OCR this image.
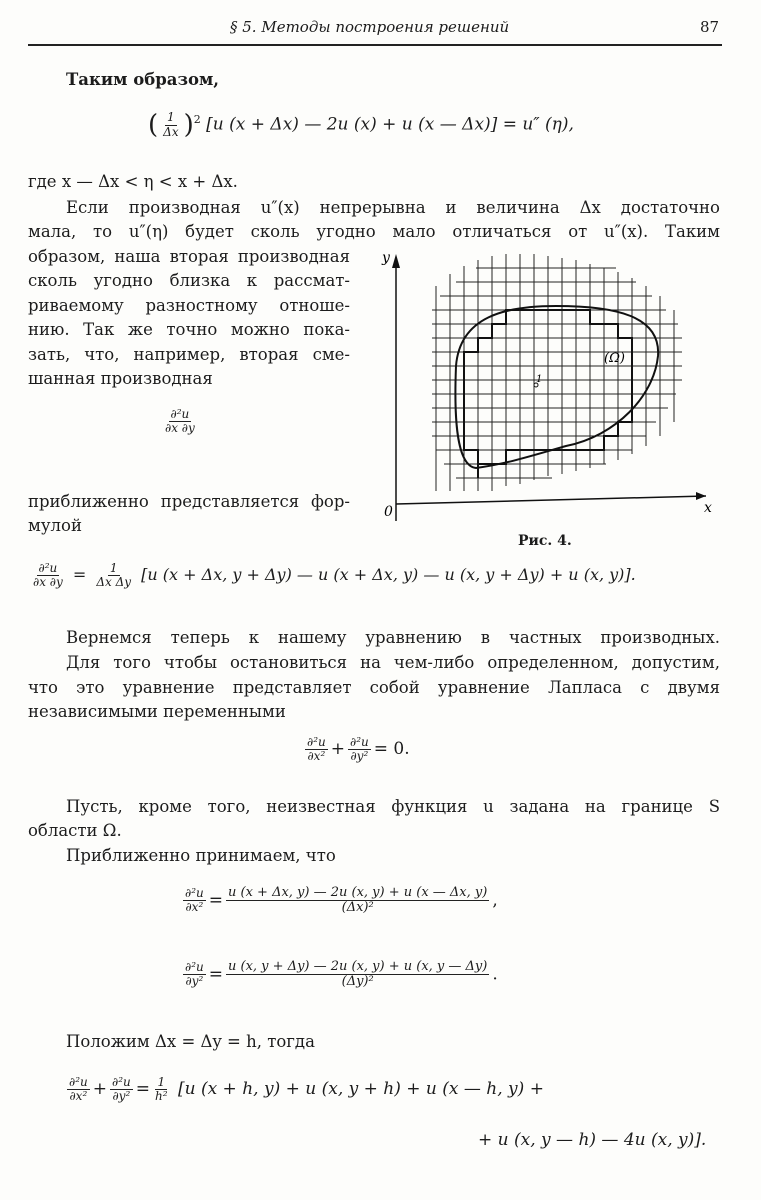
§ 5. Методы построения решений	87
Таким образом,
( $\frac{1}{\Delta x} )^2$ [u (x + Δx) — 2u (x) + u (x — Δx)] = u″ (η),
где x — Δx < η < x + Δx.
Если производная u″(x) непрерывна и величина Δx достаточно
мала, то u″(η) будет сколь угодно мало отличаться от u″(x). Таким
образом, наша вторая производная
сколь угодно близка к рассмат-
риваемому разностному отноше-
нию. Так же точно можно пока-
зать, что, например, вторая сме-
шанная производная
$\frac{\text{∂²u}}{\partial x \partial y}$
приближенно представляется фор-
мулой
1
(Ω)
y
x
0
Рис. 4.
$\frac{\text{∂²u}}{\partial x \partial y} = \frac{1}{\text{Δx Δy}} [u$ (x + Δx, y + Δy) — u (x + Δx, y) — u (x, y + Δy) + u (x, y)].
Вернемся теперь к нашему уравнению в частных производных.
Для того чтобы остановиться на чем-либо определенном, допустим,
что это уравнение представляет собой уравнение Лапласа с двумя
независимыми переменными
$\frac{\text{∂²u}}{\text{∂x²}} + \frac{\text{∂²u}}{\text{∂y²}} = 0$.
Пусть, кроме того, неизвестная функция u задана на границе S
области Ω.
Приближенно принимаем, что
$\frac{\text{∂²u}}{\text{∂x²}} = \frac{u (x + \Delta x, y) — 2u (x, y) + u (x — \Delta x, y)}{\text{(Δx)²}}$ ,
$\frac{\text{∂²u}}{\text{∂y²}} = \frac{u (x, y + \Delta y) — 2u (x, y) + u (x, y — \Delta y)}{\text{(Δy)²}}$ .
Положим Δx = Δy = h, тогда
$\frac{\text{∂²u}}{\text{∂x²}} + \frac{\text{∂²u}}{\text{∂y²}} = \frac{1}{\text{h²}} [u$ (x + h, y) + u (x, y + h) + u (x — h, y) +
+ u (x, y — h) — 4u (x, y)].
